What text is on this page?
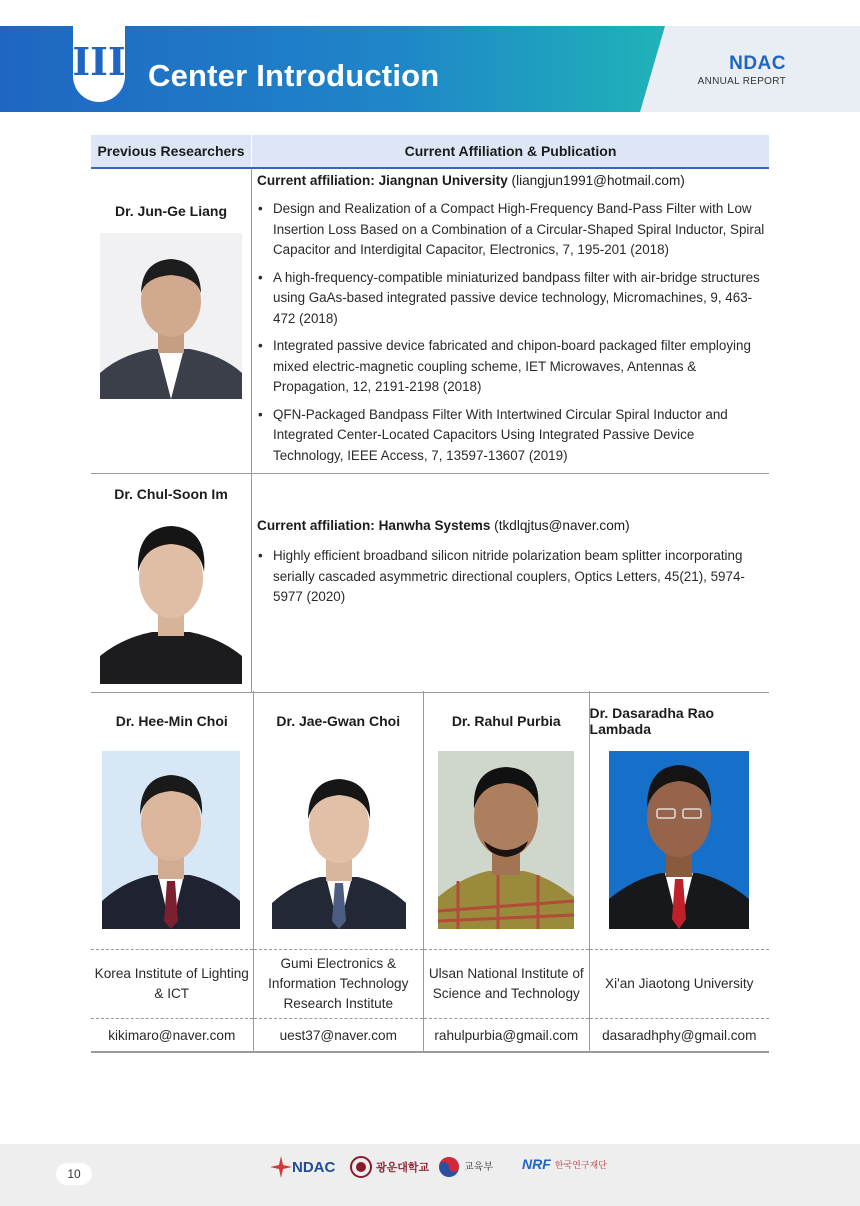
III Center Introduction	NDAC
ANNUAL REPORT
Previous Researchers	Current Affiliation & Publication
Dr. Jun-Ge Liang
Current affiliation: Jiangnan University (liangjun1991@hotmail.com)
• Design and Realization of a Compact High-Frequency Band-Pass Filter with Low Insertion Loss Based on a Combination of a Circular-Shaped Spiral Inductor, Spiral Capacitor and Interdigital Capacitor, Electronics, 7, 195-201 (2018)
• A high-frequency-compatible miniaturized bandpass filter with air-bridge structures using GaAs-based integrated passive device technology, Micromachines, 9, 463-472 (2018)
• Integrated passive device fabricated and chipon-board packaged filter employing mixed electric-magnetic coupling scheme, IET Microwaves, Antennas & Propagation, 12, 2191-2198 (2018)
• QFN-Packaged Bandpass Filter With Intertwined Circular Spiral Inductor and Integrated Center-Located Capacitors Using Integrated Passive Device Technology, IEEE Access, 7, 13597-13607 (2019)
Dr. Chul-Soon Im
Current affiliation: Hanwha Systems (tkdlqjtus@naver.com)
• Highly efficient broadband silicon nitride polarization beam splitter incorporating serially cascaded asymmetric directional couplers, Optics Letters, 45(21), 5974-5977 (2020)
Dr. Hee-Min Choi
Korea Institute of Lighting & ICT
kikimaro@naver.com
Dr. Jae-Gwan Choi
Gumi Electronics & Information Technology Research Institute
uest37@naver.com
Dr. Rahul Purbia
Ulsan National Institute of Science and Technology
rahulpurbia@gmail.com
Dr. Dasaradha Rao Lambada
Xi'an Jiaotong University
dasaradhphy@gmail.com
10	NDAC	광운대학교	교육부 NRF 한국연구재단
